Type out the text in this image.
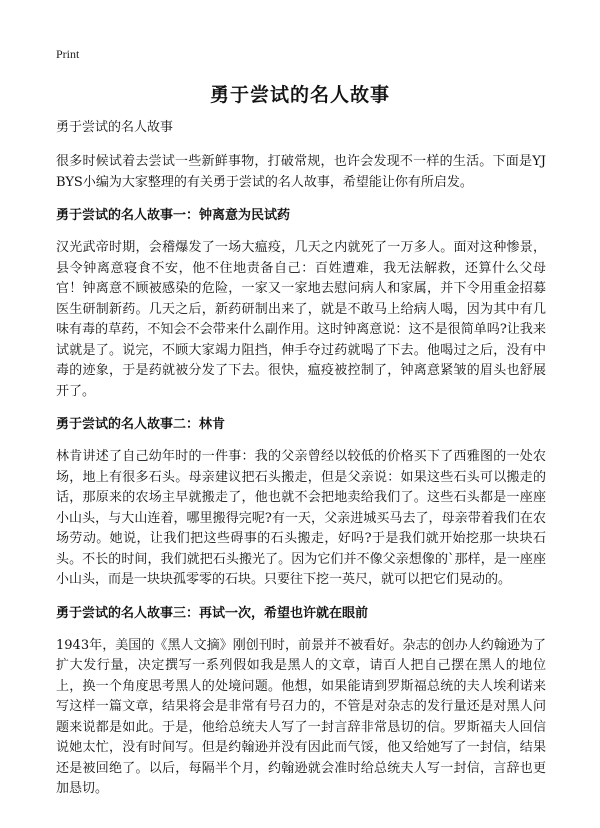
Print
勇于尝试的名人故事

勇于尝试的名人故事

很多时候试着去尝试一些新鲜事物，打破常规，也许会发现不一样的生活。下面是YJBYS小编为大家整理的有关勇于尝试的名人故事，希望能让你有所启发。

勇于尝试的名人故事一：钟离意为民试药

汉光武帝时期，会稽爆发了一场大瘟疫，几天之内就死了一万多人。面对这种惨景，县令钟离意寝食不安，他不住地责备自己：百姓遭难，我无法解救，还算什么父母官！钟离意不顾被感染的危险，一家又一家地去慰问病人和家属，并下令用重金招募医生研制新药。几天之后，新药研制出来了，就是不敢马上给病人喝，因为其中有几味有毒的草药，不知会不会带来什么副作用。这时钟离意说：这不是很简单吗?让我来试就是了。说完，不顾大家竭力阻挡，伸手夺过药就喝了下去。他喝过之后，没有中毒的迹象，于是药就被分发了下去。很快，瘟疫被控制了，钟离意紧皱的眉头也舒展开了。

勇于尝试的名人故事二：林肯

林肯讲述了自己幼年时的一件事：我的父亲曾经以较低的价格买下了西雅图的一处农场，地上有很多石头。母亲建议把石头搬走，但是父亲说：如果这些石头可以搬走的话，那原来的农场主早就搬走了，他也就不会把地卖给我们了。这些石头都是一座座小山头，与大山连着，哪里搬得完呢?有一天，父亲进城买马去了，母亲带着我们在农场劳动。她说，让我们把这些碍事的石头搬走，好吗?于是我们就开始挖那一块块石头。不长的时间，我们就把石头搬光了。因为它们并不像父亲想像的`那样，是一座座小山头，而是一块块孤零零的石块。只要往下挖一英尺，就可以把它们晃动的。

勇于尝试的名人故事三：再试一次，希望也许就在眼前

1943年，美国的《黑人文摘》刚创刊时，前景并不被看好。杂志的创办人约翰逊为了扩大发行量，决定撰写一系列假如我是黑人的文章，请百人把自己摆在黑人的地位上，换一个角度思考黑人的处境问题。他想，如果能请到罗斯福总统的夫人埃利诺来写这样一篇文章，结果将会是非常有号召力的，不管是对杂志的发行量还是对黑人问题来说都是如此。于是，他给总统夫人写了一封言辞非常恳切的信。罗斯福夫人回信说她太忙，没有时间写。但是约翰逊并没有因此而气馁，他又给她写了一封信，结果还是被回绝了。以后，每隔半个月，约翰逊就会准时给总统夫人写一封信，言辞也更加恳切。
